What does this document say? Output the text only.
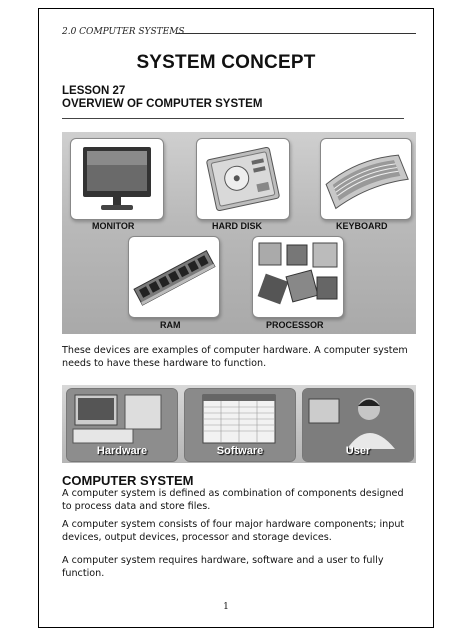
2.0 COMPUTER SYSTEMS
SYSTEM CONCEPT
LESSON 27
OVERVIEW OF COMPUTER SYSTEM
MONITOR	HARD DISK	KEYBOARD
RAM	PROCESSOR
These devices are examples of computer hardware. A computer system needs to have these hardware to function.
Hardware	Software	User
COMPUTER SYSTEM
A computer system is defined as combination of components designed to process data and store files.
A computer system consists of four major hardware components; input devices, output devices, processor and storage devices.
A computer system requires hardware, software and a user to fully function.
1
